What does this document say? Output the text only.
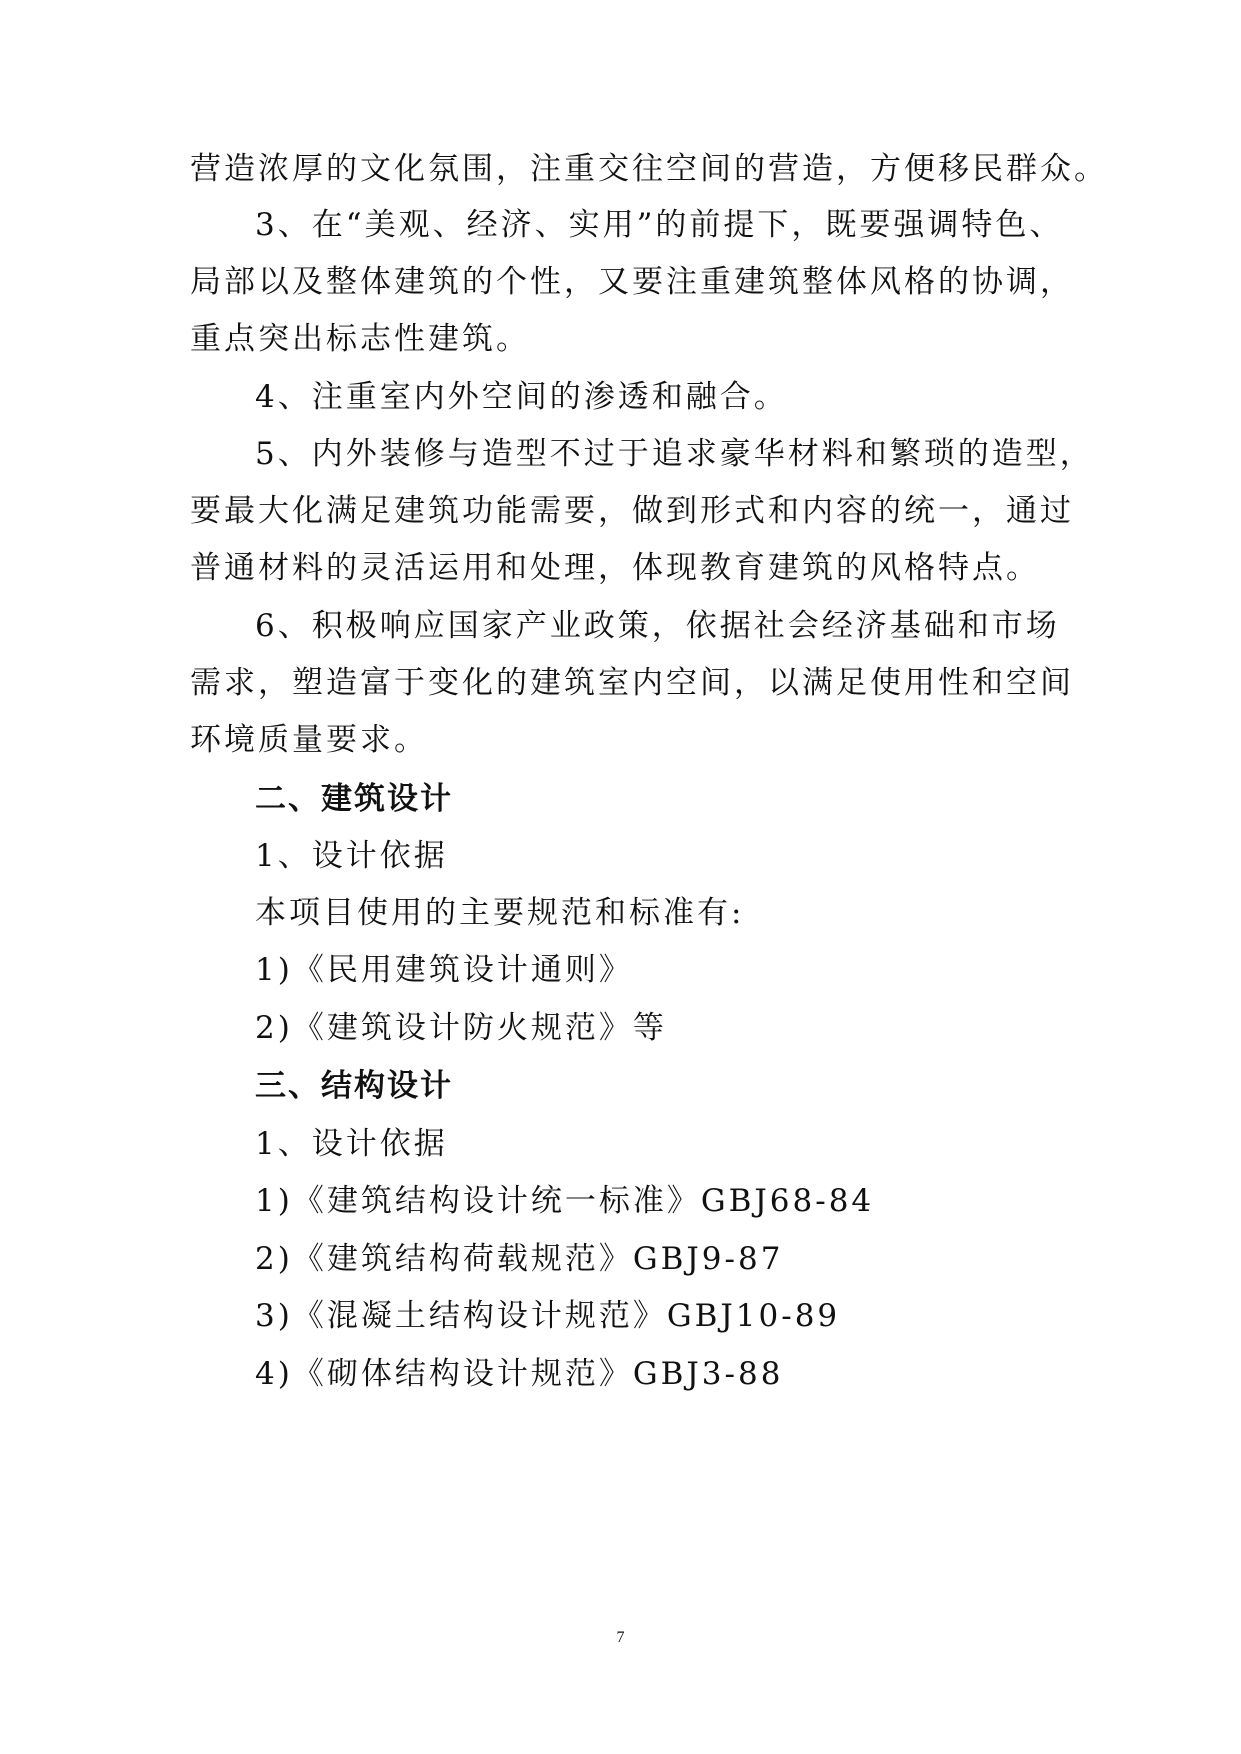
营造浓厚的文化氛围，注重交往空间的营造，方便移民群众。
3、在“美观、经济、实用”的前提下，既要强调特色、
局部以及整体建筑的个性，又要注重建筑整体风格的协调，
重点突出标志性建筑。
4、注重室内外空间的渗透和融合。
5、内外装修与造型不过于追求豪华材料和繁琐的造型，
要最大化满足建筑功能需要，做到形式和内容的统一，通过
普通材料的灵活运用和处理，体现教育建筑的风格特点。
6、积极响应国家产业政策，依据社会经济基础和市场
需求，塑造富于变化的建筑室内空间，以满足使用性和空间
环境质量要求。
二、建筑设计
1、设计依据
本项目使用的主要规范和标准有:
1)《民用建筑设计通则》
2)《建筑设计防火规范》等
三、结构设计
1、设计依据
1)《建筑结构设计统一标准》GBJ68-84
2)《建筑结构荷载规范》GBJ9-87
3)《混凝土结构设计规范》GBJ10-89
4)《砌体结构设计规范》GBJ3-88
7
